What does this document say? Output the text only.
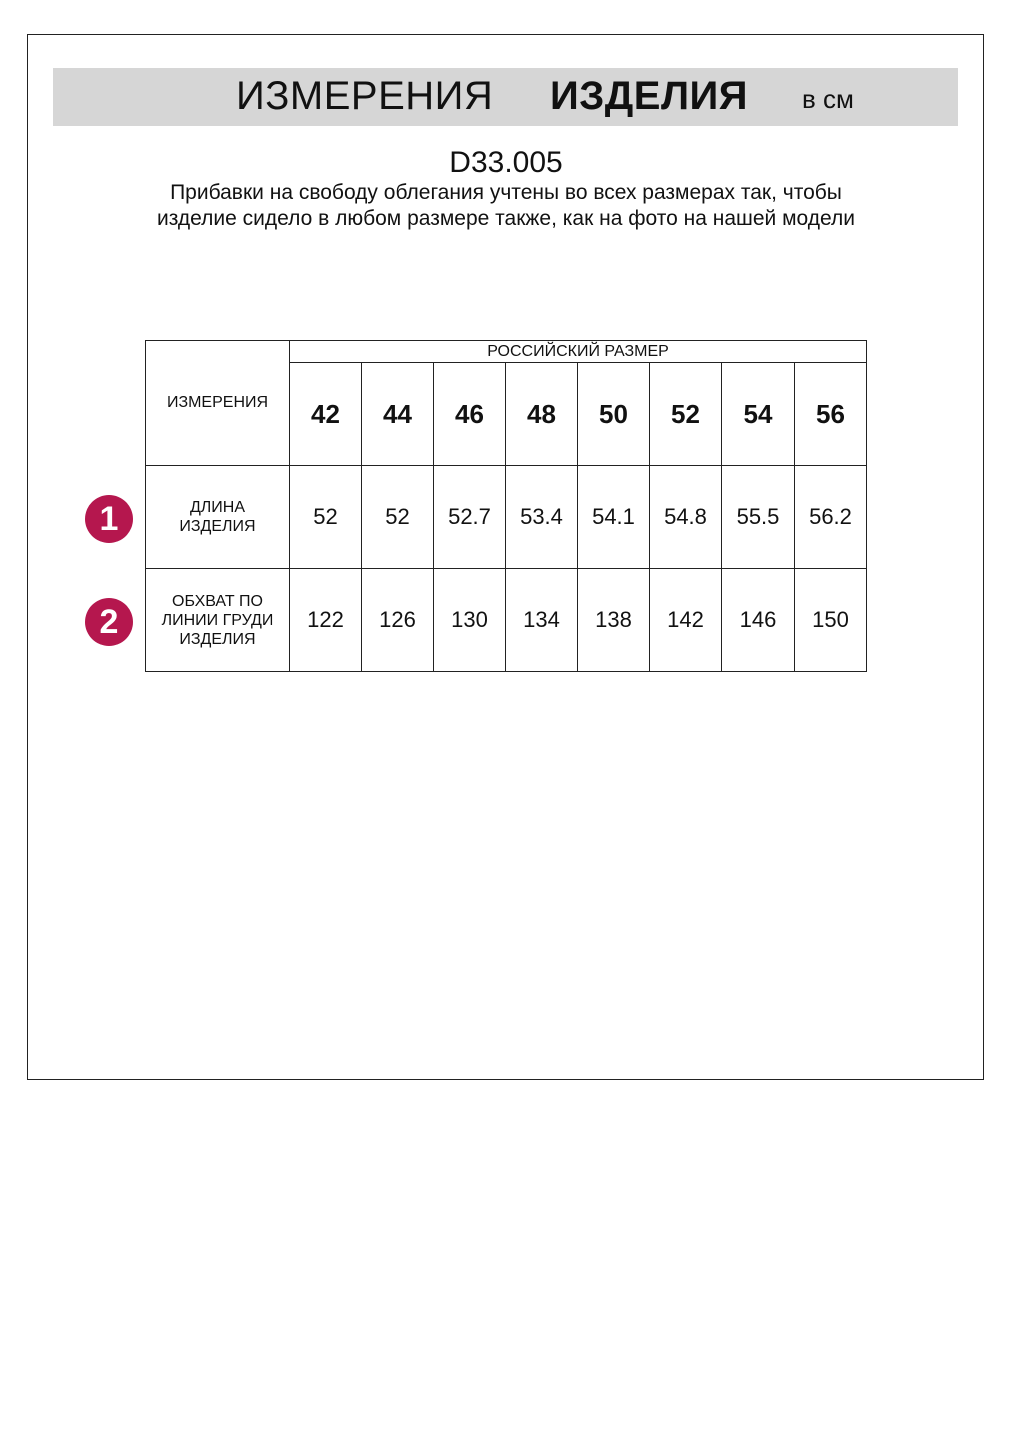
ИЗМЕРЕНИЯ ИЗДЕЛИЯ в см
D33.005
Прибавки на свободу облегания учтены во всех размерах так, чтобы изделие сидело в любом размере также, как на фото на нашей модели
ИЗМЕРЕНИЯ	РОССИЙСКИЙ РАЗМЕР							
	42	44	46	48	50	52	54	56
ДЛИНА ИЗДЕЛИЯ	52	52	52.7	53.4	54.1	54.8	55.5	56.2
ОБХВАТ ПО ЛИНИИ ГРУДИ ИЗДЕЛИЯ	122	126	130	134	138	142	146	150
1
2
